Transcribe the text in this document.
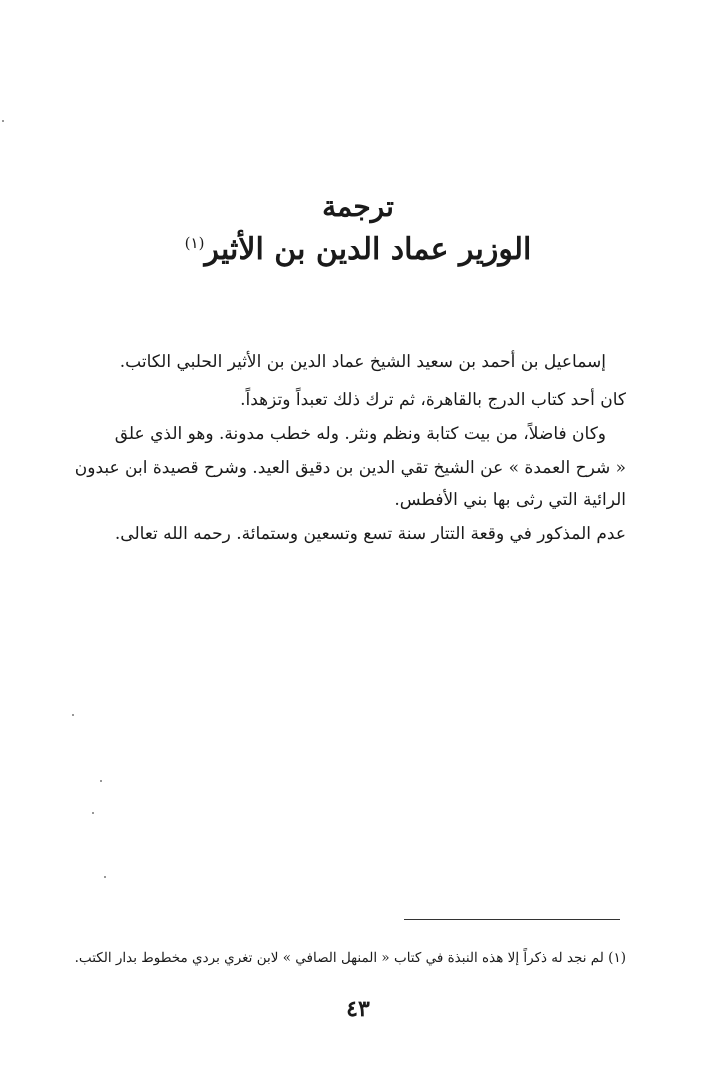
ترجمة
الوزير عماد الدين بن الأثير$^{(١)}$

إسماعيل بن أحمد بن سعيد الشيخ عماد الدين بن الأثير الحلبي الكاتب.

كان أحد كتاب الدرج بالقاهرة، ثم ترك ذلك تعبداً وتزهداً.

وكان فاضلاً، من بيت كتابة ونظم ونثر. وله خطب مدونة. وهو الذي علق

« شرح العمدة » عن الشيخ تقي الدين بن دقيق العيد. وشرح قصيدة ابن عبدون

الرائية التي رثى بها بني الأفطس.

عدم المذكور في وقعة التتار سنة تسع وتسعين وستمائة. رحمه الله تعالى.

(١) لم نجد له ذكراً إلا هذه النبذة في كتاب « المنهل الصافي » لابن تغري بردي مخطوط بدار الكتب.

٤٣
